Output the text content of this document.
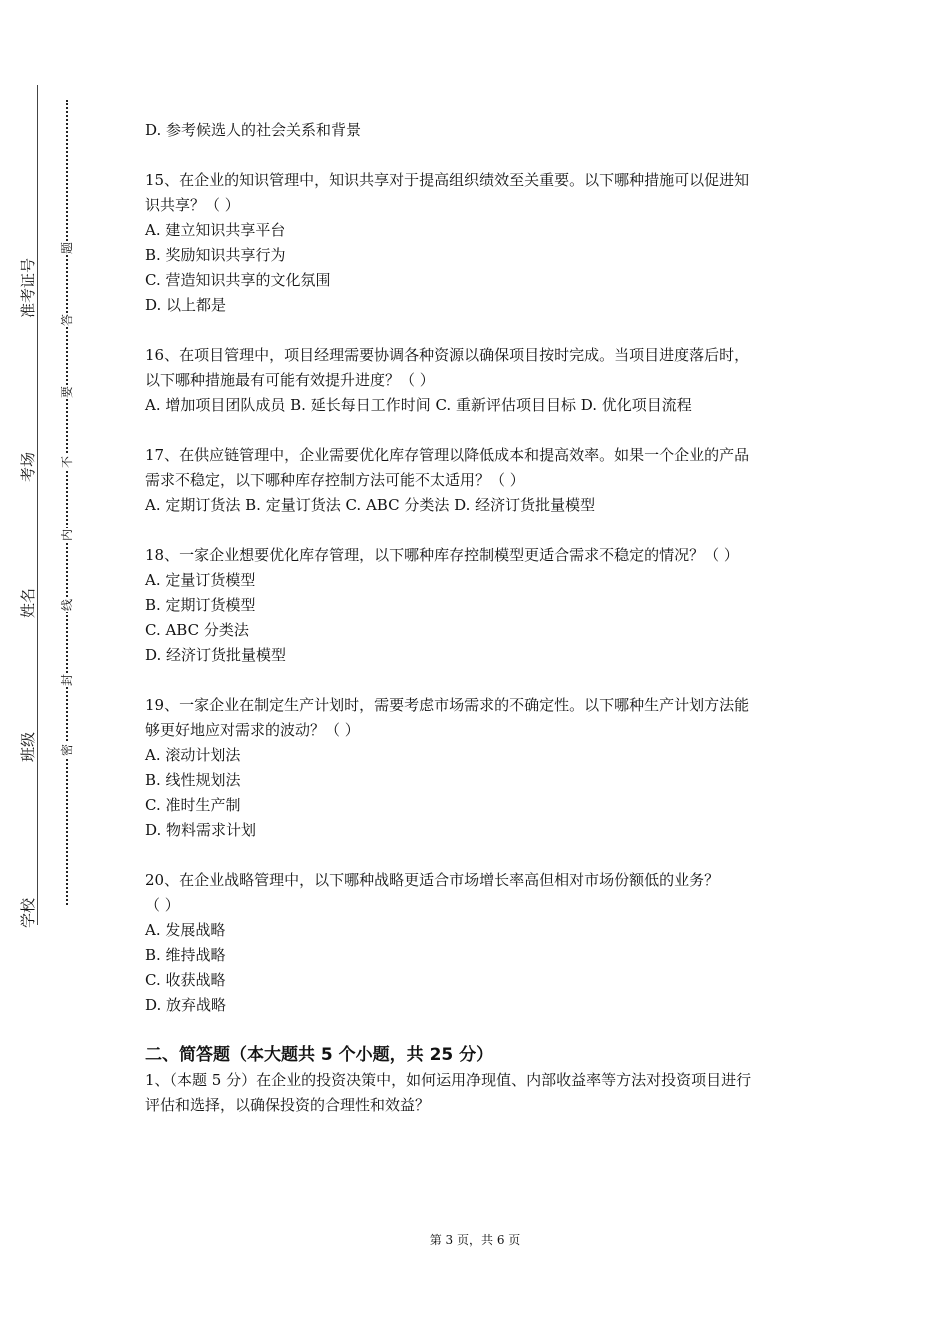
学校
班级
姓名
考场
准考证号
密
封
线
内
不
要
答
题
D. 参考候选人的社会关系和背景
15、在企业的知识管理中，知识共享对于提高组织绩效至关重要。以下哪种措施可以促进知
识共享？（ ）
A. 建立知识共享平台
B. 奖励知识共享行为
C. 营造知识共享的文化氛围
D. 以上都是
16、在项目管理中，项目经理需要协调各种资源以确保项目按时完成。当项目进度落后时，
以下哪种措施最有可能有效提升进度？（ ）
A. 增加项目团队成员 B. 延长每日工作时间 C. 重新评估项目目标 D. 优化项目流程
17、在供应链管理中，企业需要优化库存管理以降低成本和提高效率。如果一个企业的产品
需求不稳定，以下哪种库存控制方法可能不太适用？（ ）
A. 定期订货法 B. 定量订货法 C. ABC 分类法 D. 经济订货批量模型
18、一家企业想要优化库存管理，以下哪种库存控制模型更适合需求不稳定的情况？（ ）
A. 定量订货模型
B. 定期订货模型
C. ABC 分类法
D. 经济订货批量模型
19、一家企业在制定生产计划时，需要考虑市场需求的不确定性。以下哪种生产计划方法能
够更好地应对需求的波动？（ ）
A. 滚动计划法
B. 线性规划法
C. 准时生产制
D. 物料需求计划
20、在企业战略管理中，以下哪种战略更适合市场增长率高但相对市场份额低的业务？
（ ）
A. 发展战略
B. 维持战略
C. 收获战略
D. 放弃战略
二、简答题（本大题共 5 个小题，共 25 分）
1、（本题 5 分）在企业的投资决策中，如何运用净现值、内部收益率等方法对投资项目进行
评估和选择，以确保投资的合理性和效益？
第 3 页，共 6 页
